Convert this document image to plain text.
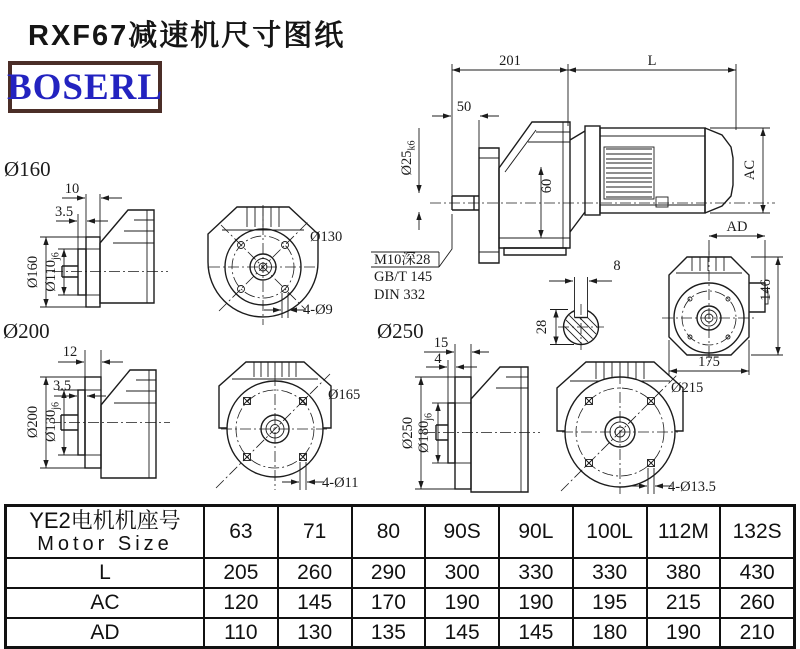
RXF67减速机尺寸图纸
BOSERL
201	L
50
$Ø25_{k6}$
AC
60
M10深28
GB/T 145
DIN 332
8
28
AD
146
175
Ø160
10
3.5
Ø160 $Ø110_{j6}$
Ø130
4-Ø9
Ø200
12
3.5
Ø200 $Ø130_{j6}$
Ø250
Ø165
4-Ø11
15
4
Ø250 $Ø180_{j6}$
Ø215
4-Ø13.5
YE2电机机座号
Motor Size
63	71	80	90S	90L	100L	112M	132S
L	205	260	290	300	330	330	380	430
AC	120	145	170	190	190	195	215	260
AD	110	130	135	145	145	180	190	210
